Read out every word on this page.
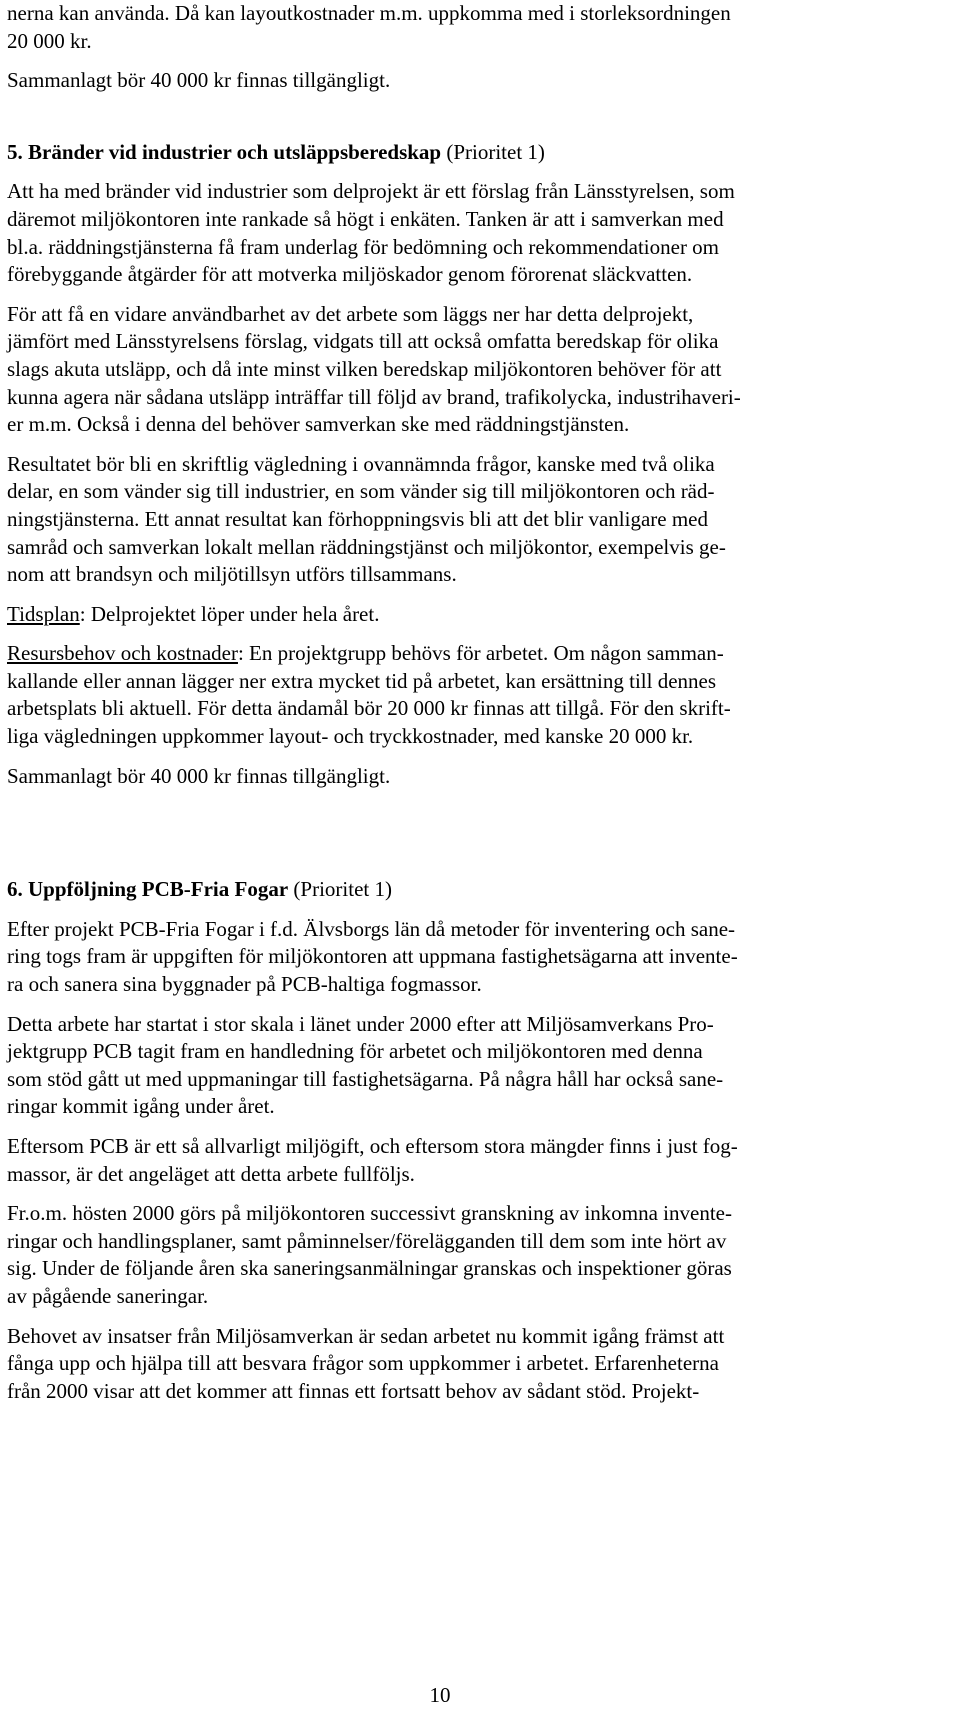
nerna kan använda. Då kan layoutkostnader m.m. uppkomma med i storleksordningen
20 000 kr.

Sammanlagt bör 40 000 kr finnas tillgängligt.

5. Bränder vid industrier och utsläppsberedskap (Prioritet 1)

Att ha med bränder vid industrier som delprojekt är ett förslag från Länsstyrelsen, som
däremot miljökontoren inte rankade så högt i enkäten. Tanken är att i samverkan med
bl.a. räddningstjänsterna få fram underlag för bedömning och rekommendationer om
förebyggande åtgärder för att motverka miljöskador genom förorenat släckvatten.

För att få en vidare användbarhet av det arbete som läggs ner har detta delprojekt,
jämfört med Länsstyrelsens förslag, vidgats till att också omfatta beredskap för olika
slags akuta utsläpp, och då inte minst vilken beredskap miljökontoren behöver för att
kunna agera när sådana utsläpp inträffar till följd av brand, trafikolycka, industrihaveri-
er m.m. Också i denna del behöver samverkan ske med räddningstjänsten.

Resultatet bör bli en skriftlig vägledning i ovannämnda frågor, kanske med två olika
delar, en som vänder sig till industrier, en som vänder sig till miljökontoren och räd-
ningstjänsterna. Ett annat resultat kan förhoppningsvis bli att det blir vanligare med
samråd och samverkan lokalt mellan räddningstjänst och miljökontor, exempelvis ge-
nom att brandsyn och miljötillsyn utförs tillsammans.

Tidsplan: Delprojektet löper under hela året.

Resursbehov och kostnader: En projektgrupp behövs för arbetet. Om någon samman-
kallande eller annan lägger ner extra mycket tid på arbetet, kan ersättning till dennes
arbetsplats bli aktuell. För detta ändamål bör 20 000 kr finnas att tillgå. För den skrift-
liga vägledningen uppkommer layout- och tryckkostnader, med kanske 20 000 kr.

Sammanlagt bör 40 000 kr finnas tillgängligt.

6. Uppföljning PCB-Fria Fogar (Prioritet 1)

Efter projekt PCB-Fria Fogar i f.d. Älvsborgs län då metoder för inventering och sane-
ring togs fram är uppgiften för miljökontoren att uppmana fastighetsägarna att invente-
ra och sanera sina byggnader på PCB-haltiga fogmassor.

Detta arbete har startat i stor skala i länet under 2000 efter att Miljösamverkans Pro-
jektgrupp PCB tagit fram en handledning för arbetet och miljökontoren med denna
som stöd gått ut med uppmaningar till fastighetsägarna. På några håll har också sane-
ringar kommit igång under året.

Eftersom PCB är ett så allvarligt miljögift, och eftersom stora mängder finns i just fog-
massor, är det angeläget att detta arbete fullföljs.

Fr.o.m. hösten 2000 görs på miljökontoren successivt granskning av inkomna invente-
ringar och handlingsplaner, samt påminnelser/förelägganden till dem som inte hört av
sig. Under de följande åren ska saneringsanmälningar granskas och inspektioner göras
av pågående saneringar.

Behovet av insatser från Miljösamverkan är sedan arbetet nu kommit igång främst att
fånga upp och hjälpa till att besvara frågor som uppkommer i arbetet. Erfarenheterna
från 2000 visar att det kommer att finnas ett fortsatt behov av sådant stöd. Projekt-

10
